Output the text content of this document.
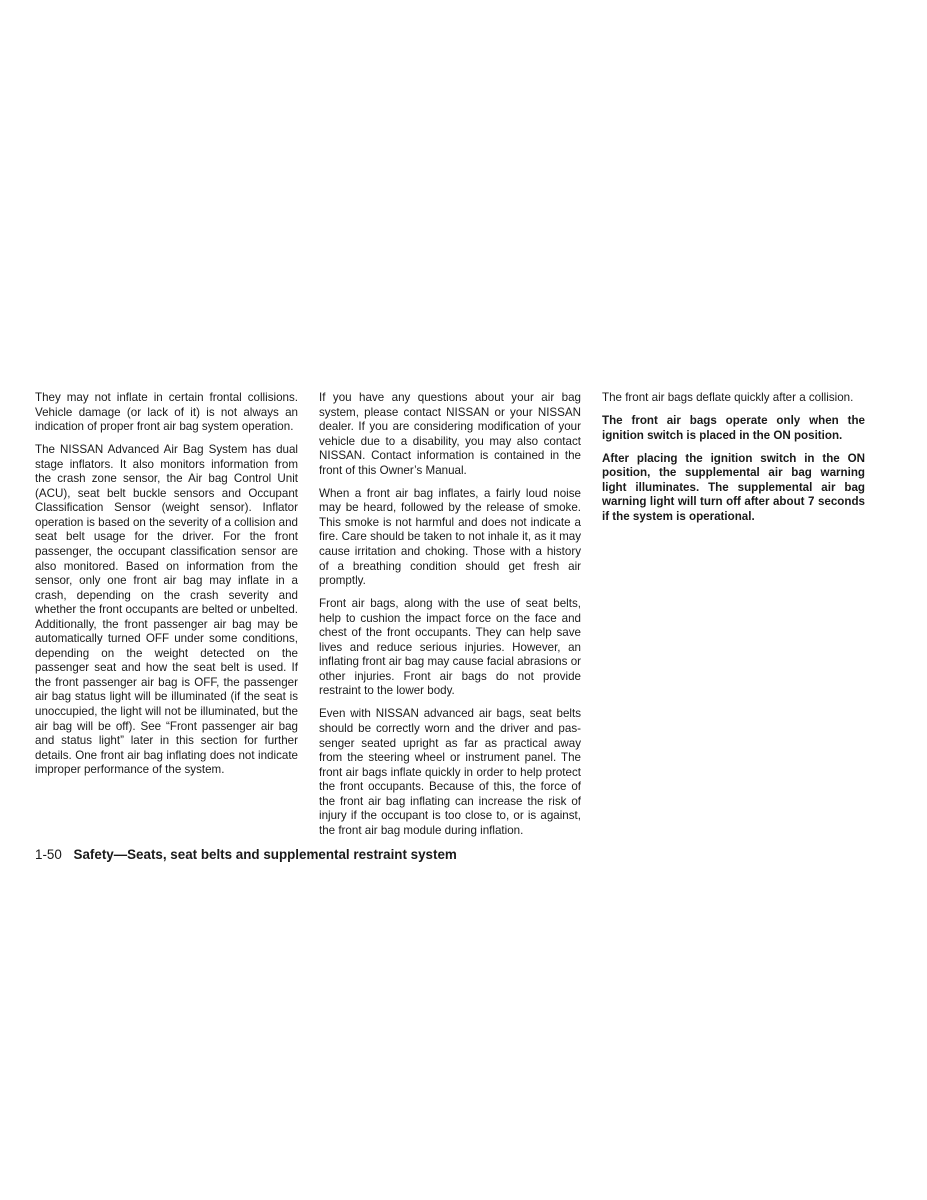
They may not inflate in certain frontal collisions. Vehicle damage (or lack of it) is not always an indication of proper front air bag system operation.

The NISSAN Advanced Air Bag System has dual stage inflators. It also monitors information from the crash zone sensor, the Air bag Control Unit (ACU), seat belt buckle sensors and Occupant Classification Sensor (weight sensor). Inflator operation is based on the severity of a collision and seat belt usage for the driver. For the front passenger, the occupant classification sensor are also monitored. Based on information from the sensor, only one front air bag may inflate in a crash, depending on the crash severity and whether the front occupants are belted or unbelted. Additionally, the front passenger air bag may be automatically turned OFF under some conditions, depending on the weight detected on the passenger seat and how the seat belt is used. If the front passenger air bag is OFF, the passenger air bag status light will be illuminated (if the seat is unoccupied, the light will not be illuminated, but the air bag will be off). See “Front passenger air bag and status light” later in this section for further details. One front air bag inflating does not indicate improper performance of the system.

If you have any questions about your air bag system, please contact NISSAN or your NISSAN dealer. If you are considering modification of your vehicle due to a disability, you may also contact NISSAN. Contact information is contained in the front of this Owner’s Manual.

When a front air bag inflates, a fairly loud noise may be heard, followed by the release of smoke. This smoke is not harmful and does not indicate a fire. Care should be taken to not inhale it, as it may cause irritation and choking. Those with a history of a breathing condition should get fresh air promptly.

Front air bags, along with the use of seat belts, help to cushion the impact force on the face and chest of the front occupants. They can help save lives and reduce serious injuries. However, an inflating front air bag may cause facial abrasions or other injuries. Front air bags do not provide restraint to the lower body.

Even with NISSAN advanced air bags, seat belts should be correctly worn and the driver and passenger seated upright as far as practical away from the steering wheel or instrument panel. The front air bags inflate quickly in order to help protect the front occupants. Because of this, the force of the front air bag inflating can increase the risk of injury if the occupant is too close to, or is against, the front air bag module during inflation.

The front air bags deflate quickly after a collision.

The front air bags operate only when the ignition switch is placed in the ON position.

After placing the ignition switch in the ON position, the supplemental air bag warning light illuminates. The supplemental air bag warning light will turn off after about 7 seconds if the system is operational.

1-50 Safety—Seats, seat belts and supplemental restraint system
